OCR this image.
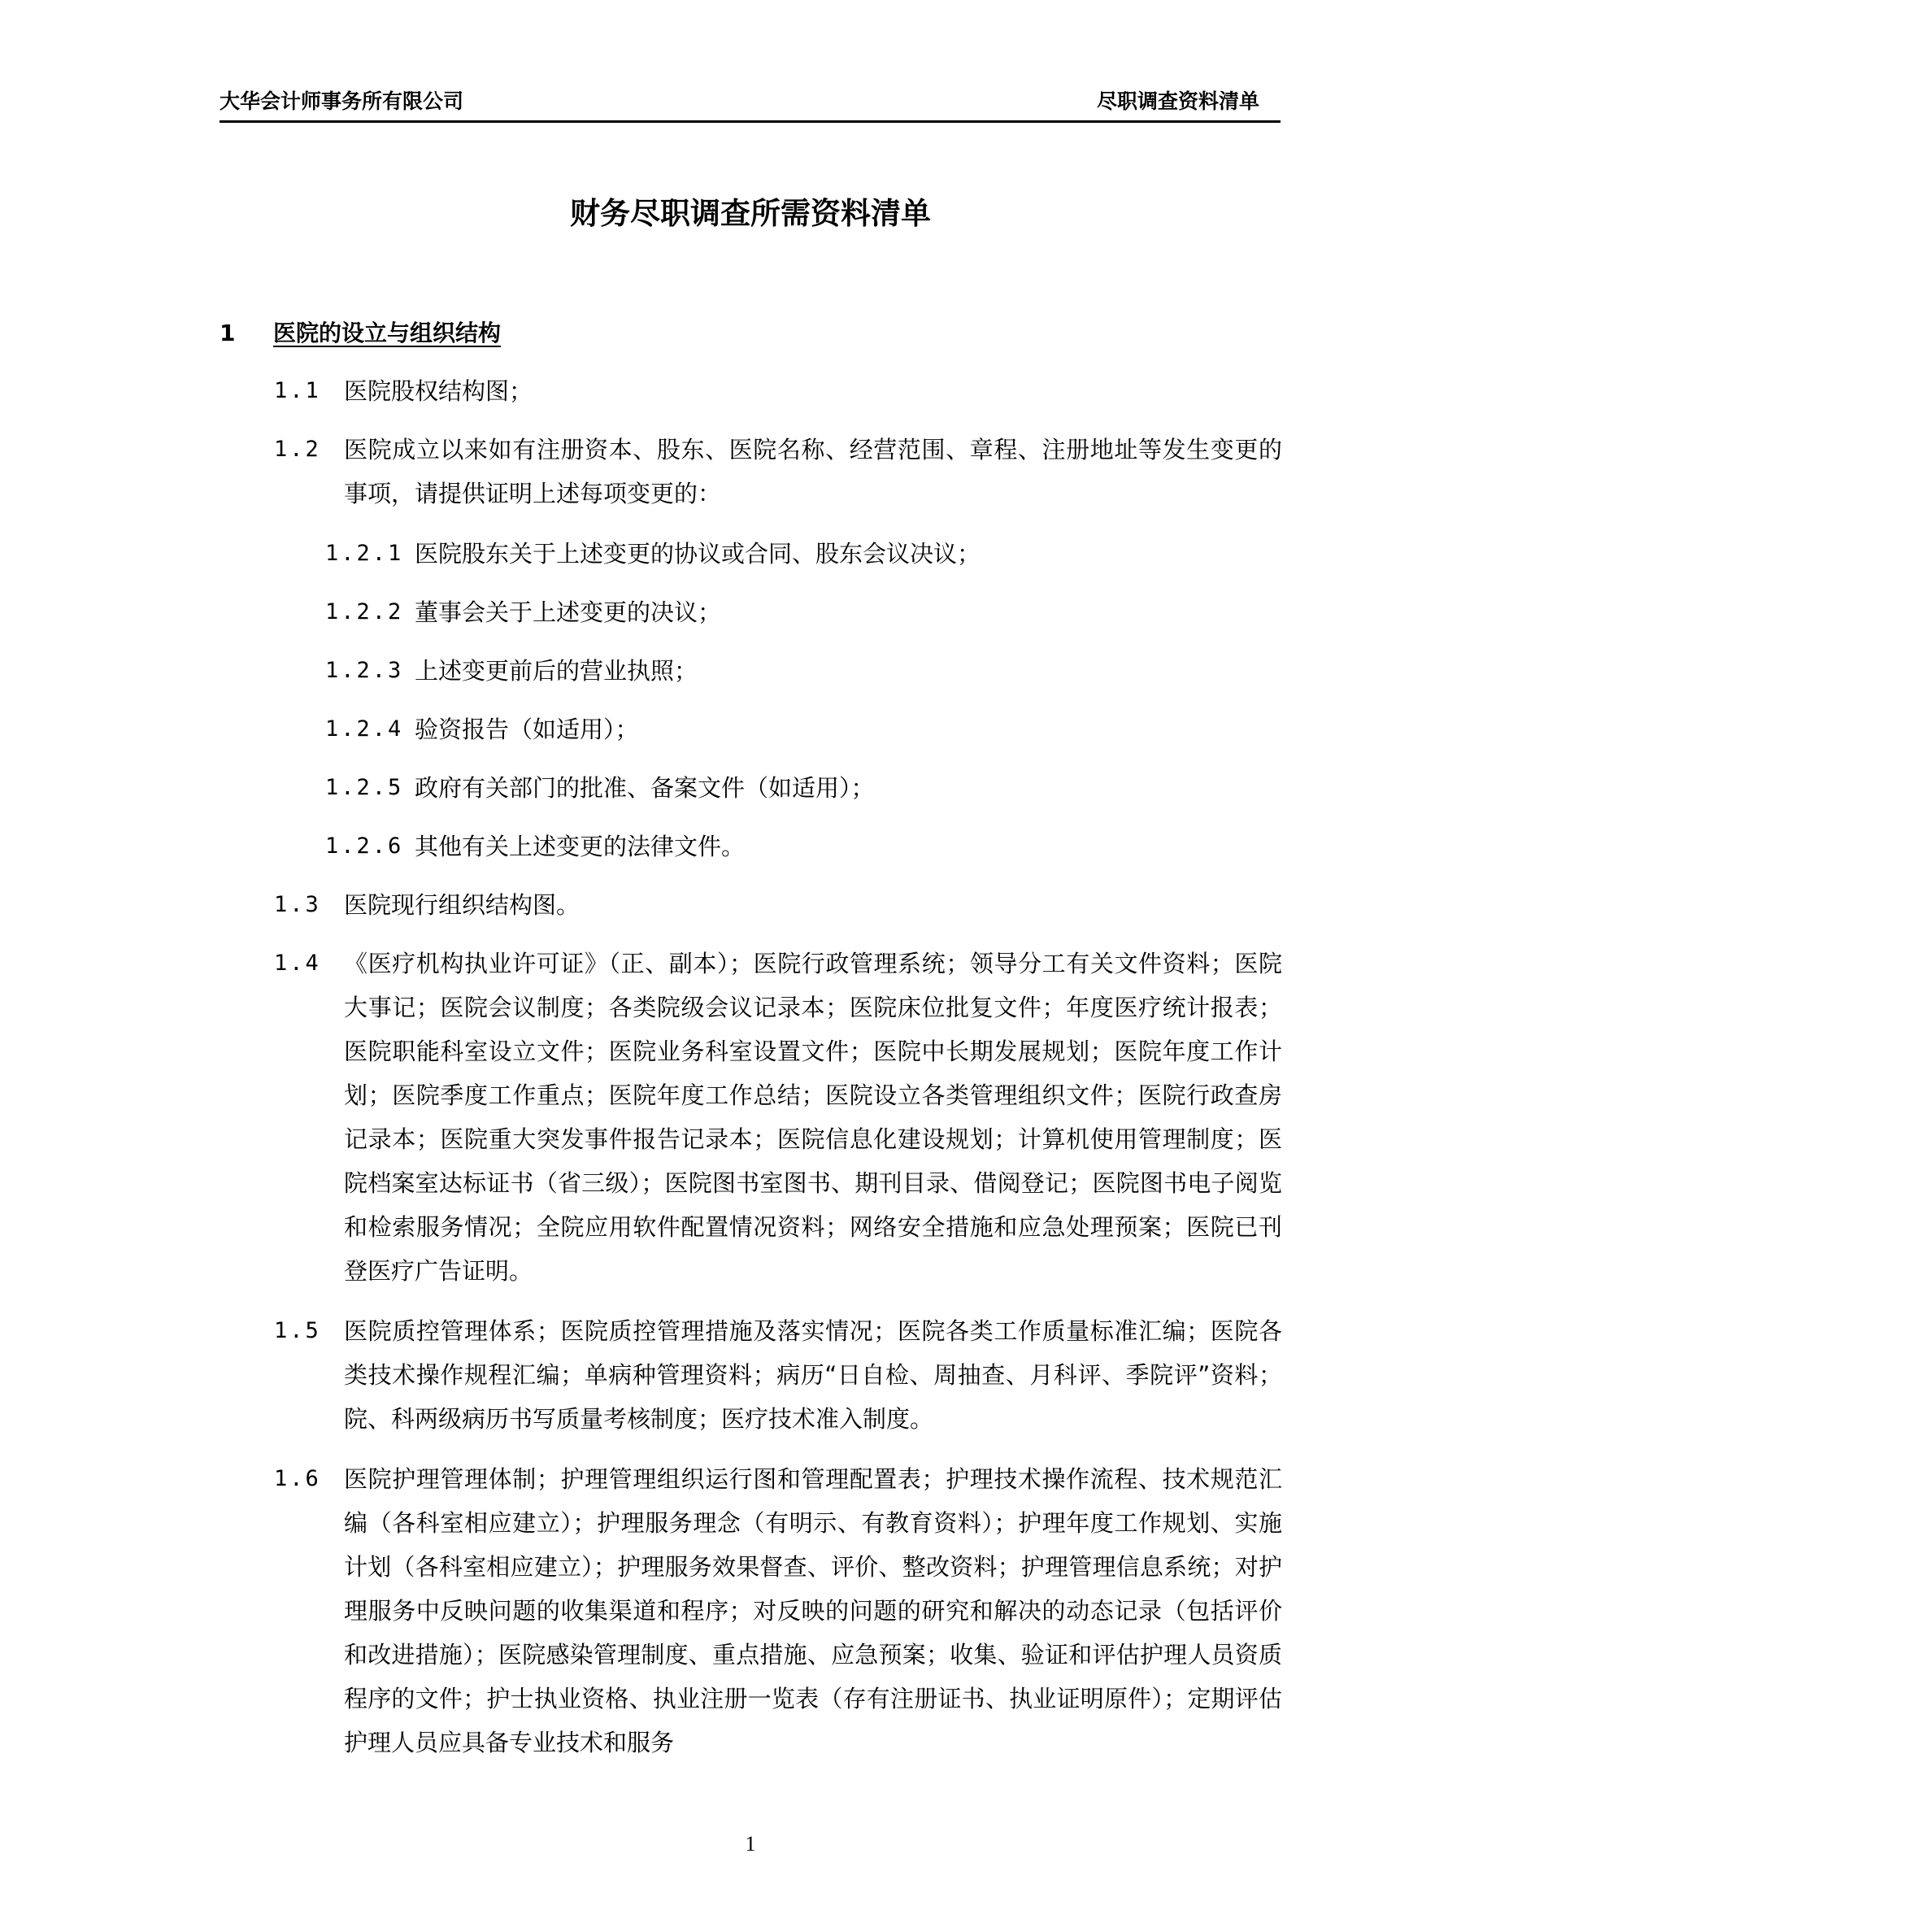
大华会计师事务所有限公司	尽职调查资料清单
财务尽职调查所需资料清单
1 医院的设立与组织结构
1.1 医院股权结构图；
1.2 医院成立以来如有注册资本、股东、医院名称、经营范围、章程、注册地址等发生变更的事项，请提供证明上述每项变更的：
1.2.1 医院股东关于上述变更的协议或合同、股东会议决议；
1.2.2 董事会关于上述变更的决议；
1.2.3 上述变更前后的营业执照；
1.2.4 验资报告（如适用）；
1.2.5 政府有关部门的批准、备案文件（如适用）；
1.2.6 其他有关上述变更的法律文件。
1.3 医院现行组织结构图。
1.4 《医疗机构执业许可证》（正、副本）；医院行政管理系统；领导分工有关文件资料；医院大事记；医院会议制度；各类院级会议记录本；医院床位批复文件；年度医疗统计报表；医院职能科室设立文件；医院业务科室设置文件；医院中长期发展规划；医院年度工作计划；医院季度工作重点；医院年度工作总结；医院设立各类管理组织文件；医院行政查房记录本；医院重大突发事件报告记录本；医院信息化建设规划；计算机使用管理制度；医院档案室达标证书（省三级）；医院图书室图书、期刊目录、借阅登记；医院图书电子阅览和检索服务情况；全院应用软件配置情况资料；网络安全措施和应急处理预案；医院已刊登医疗广告证明。
1.5 医院质控管理体系；医院质控管理措施及落实情况；医院各类工作质量标准汇编；医院各类技术操作规程汇编；单病种管理资料；病历“日自检、周抽查、月科评、季院评”资料；院、科两级病历书写质量考核制度；医疗技术准入制度。
1.6 医院护理管理体制；护理管理组织运行图和管理配置表；护理技术操作流程、技术规范汇编（各科室相应建立）；护理服务理念（有明示、有教育资料）；护理年度工作规划、实施计划（各科室相应建立）；护理服务效果督查、评价、整改资料；护理管理信息系统；对护理服务中反映问题的收集渠道和程序；对反映的问题的研究和解决的动态记录（包括评价和改进措施）；医院感染管理制度、重点措施、应急预案；收集、验证和评估护理人员资质程序的文件；护士执业资格、执业注册一览表（存有注册证书、执业证明原件）；定期评估护理人员应具备专业技术和服务
1
